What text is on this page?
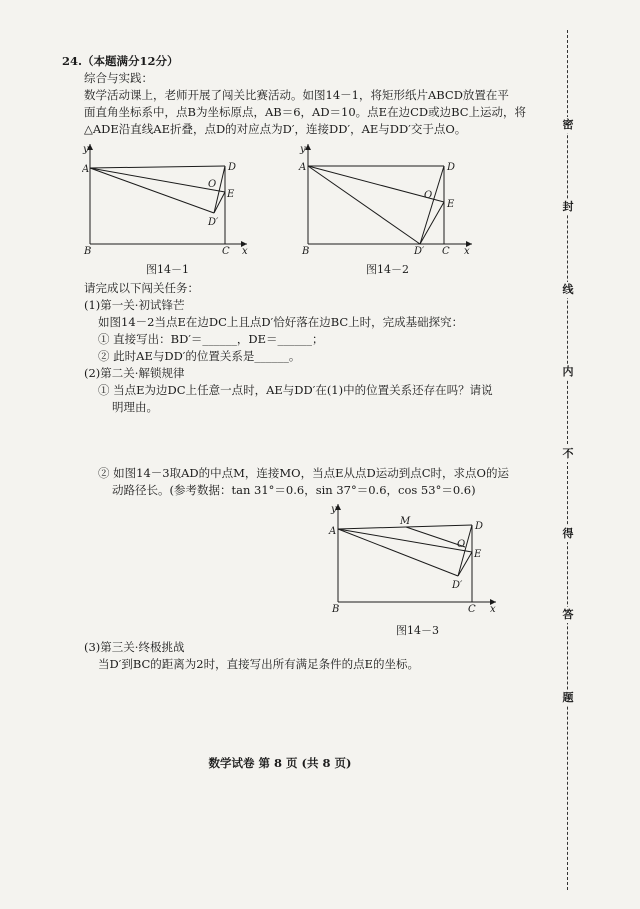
24.（本题满分12分）
综合与实践：
数学活动课上，老师开展了闯关比赛活动。如图14－1，将矩形纸片ABCD放置在平
面直角坐标系中，点B为坐标原点，AB＝6，AD＝10。点E在边CD或边BC上运动，将
△ADE沿直线AE折叠，点D的对应点为D′，连接DD′，AE与DD′交于点O。
y
A
B	C x
D
E
O
D′
图14－1
y
A
B	D′ C x
D
E
O
图14－2
请完成以下闯关任务：
(1)第一关·初试锋芒
如图14－2当点E在边DC上且点D′恰好落在边BC上时，完成基础探究：
① 直接写出：BD′＝______，DE＝______；
② 此时AE与DD′的位置关系是______。
(2)第二关·解锁规律
① 当点E为边DC上任意一点时，AE与DD′在(1)中的位置关系还存在吗？请说
明理由。
② 如图14－3取AD的中点M，连接MO，当点E从点D运动到点C时，求点O的运
动路径长。(参考数据：tan 31°＝0.6，sin 37°＝0.6，cos 53°＝0.6)
y
A
M	D
O
E
D′
B	C x
图14－3
(3)第三关·终极挑战
当D′到BC的距离为2时，直接写出所有满足条件的点E的坐标。
数学试卷 第 8 页 (共 8 页)
密
封
线
内
不
得
答
题
